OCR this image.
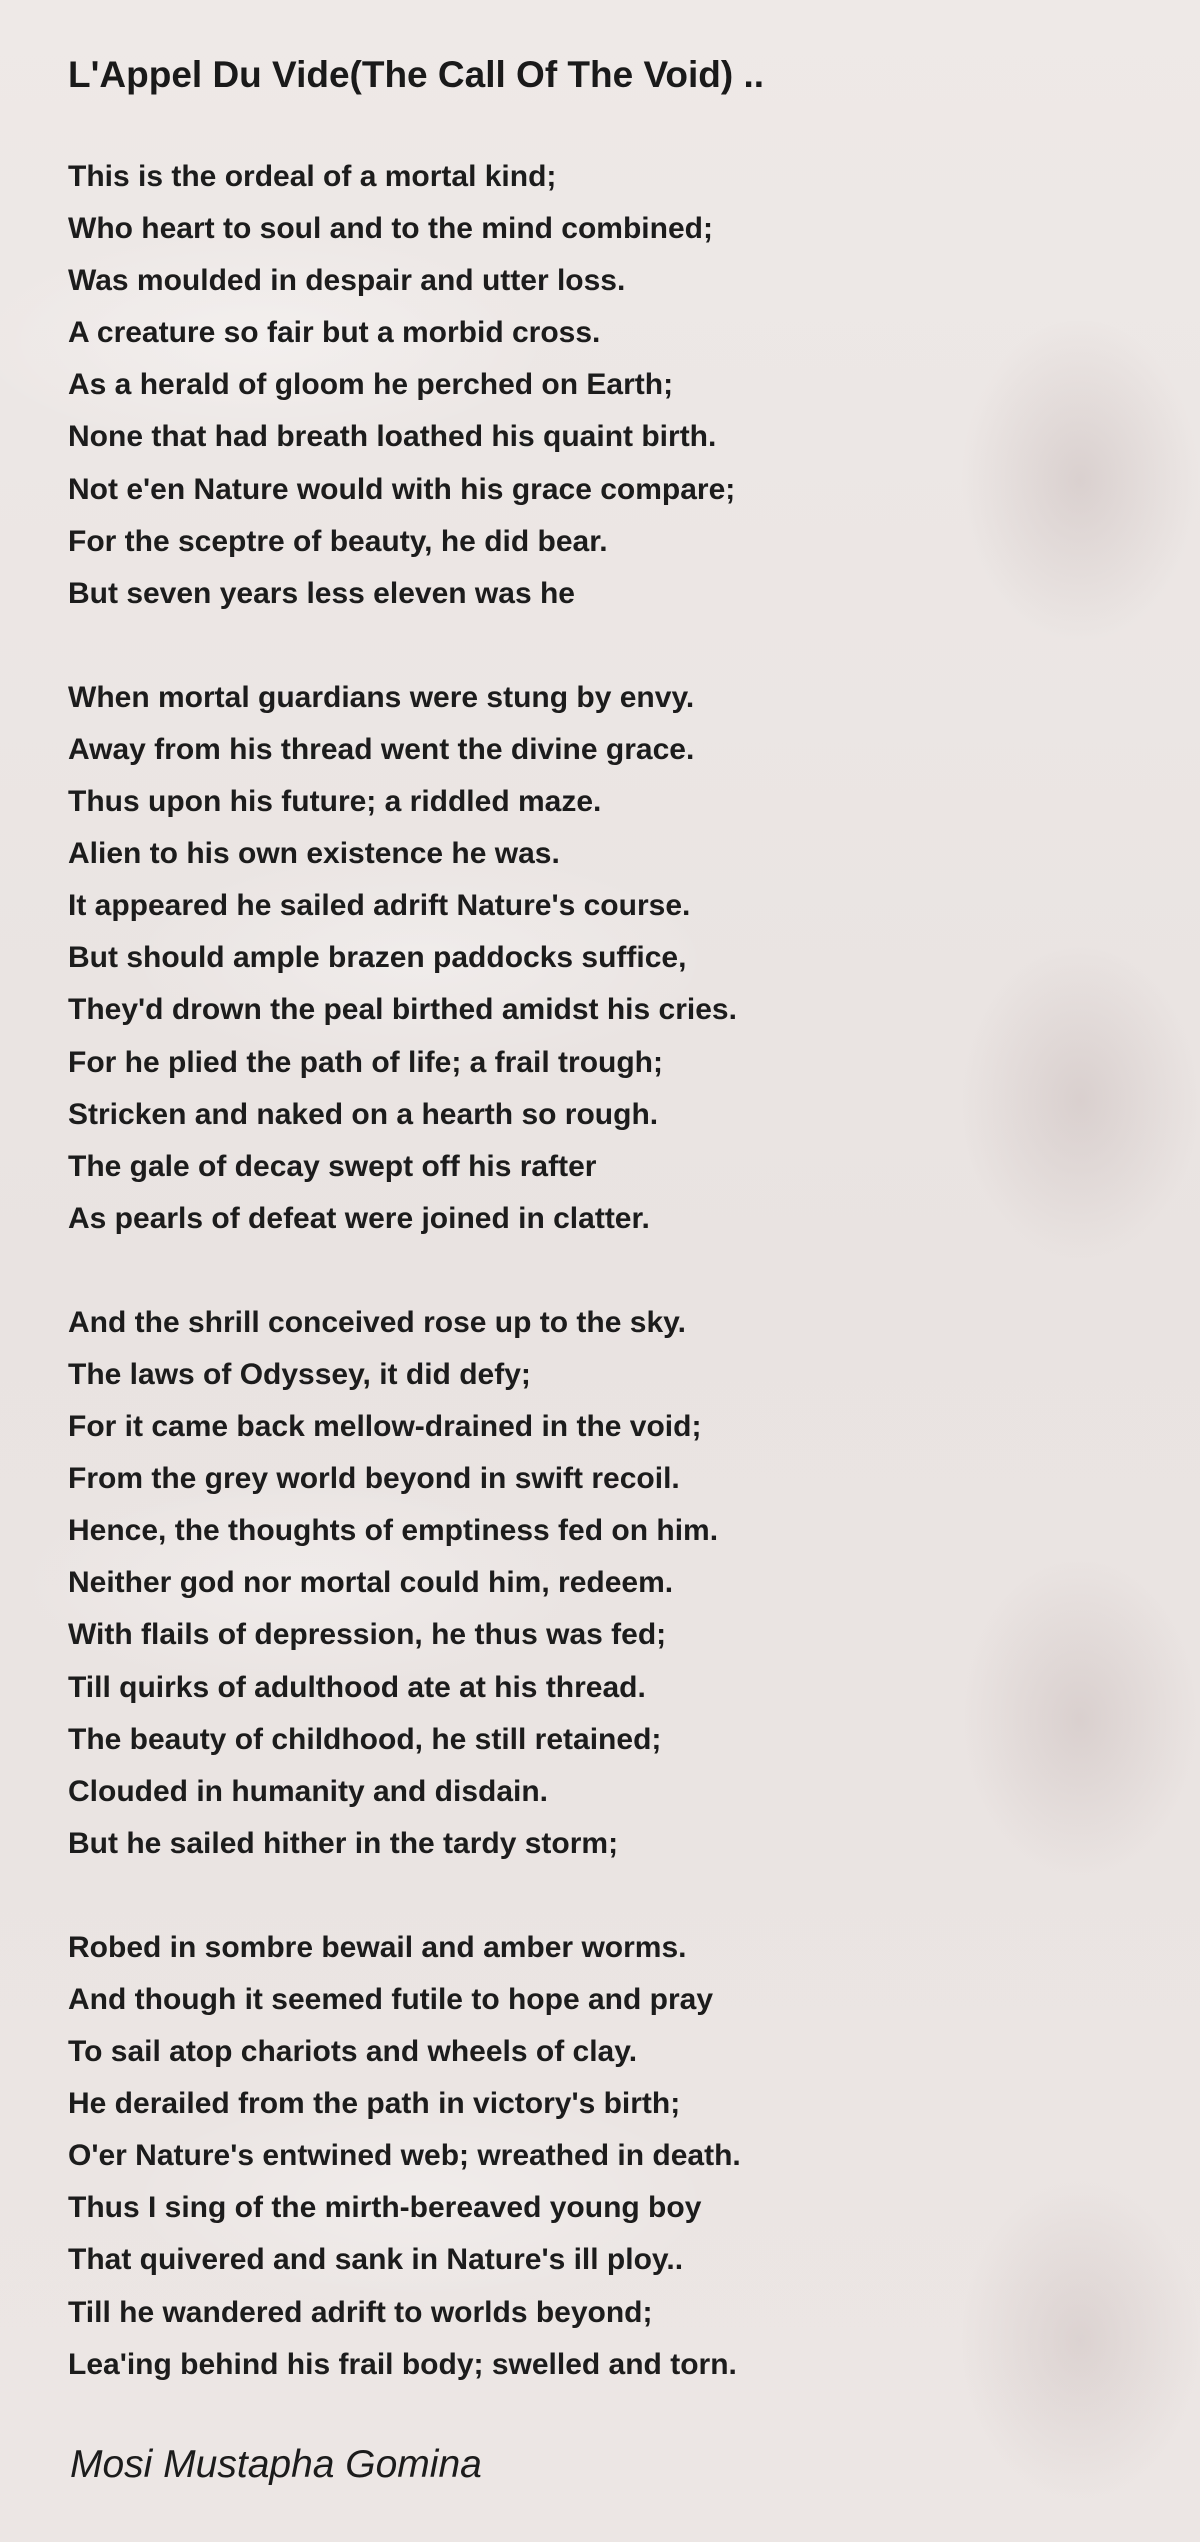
L'Appel Du Vide(The Call Of The Void) ..
This is the ordeal of a mortal kind;
Who heart to soul and to the mind combined;
Was moulded in despair and utter loss.
A creature so fair but a morbid cross.
As a herald of gloom he perched on Earth;
None that had breath loathed his quaint birth.
Not e'en Nature would with his grace compare;
For the sceptre of beauty, he did bear.
But seven years less eleven was he
When mortal guardians were stung by envy.
Away from his thread went the divine grace.
Thus upon his future; a riddled maze.
Alien to his own existence he was.
It appeared he sailed adrift Nature's course.
But should ample brazen paddocks suffice,
They'd drown the peal birthed amidst his cries.
For he plied the path of life; a frail trough;
Stricken and naked on a hearth so rough.
The gale of decay swept off his rafter
As pearls of defeat were joined in clatter.
And the shrill conceived rose up to the sky.
The laws of Odyssey, it did defy;
For it came back mellow-drained in the void;
From the grey world beyond in swift recoil.
Hence, the thoughts of emptiness fed on him.
Neither god nor mortal could him, redeem.
With flails of depression, he thus was fed;
Till quirks of adulthood ate at his thread.
The beauty of childhood, he still retained;
Clouded in humanity and disdain.
But he sailed hither in the tardy storm;
Robed in sombre bewail and amber worms.
And though it seemed futile to hope and pray
To sail atop chariots and wheels of clay.
He derailed from the path in victory's birth;
O'er Nature's entwined web; wreathed in death.
Thus I sing of the mirth-bereaved young boy
That quivered and sank in Nature's ill ploy..
Till he wandered adrift to worlds beyond;
Lea'ing behind his frail body; swelled and torn.

Mosi Mustapha Gomina
